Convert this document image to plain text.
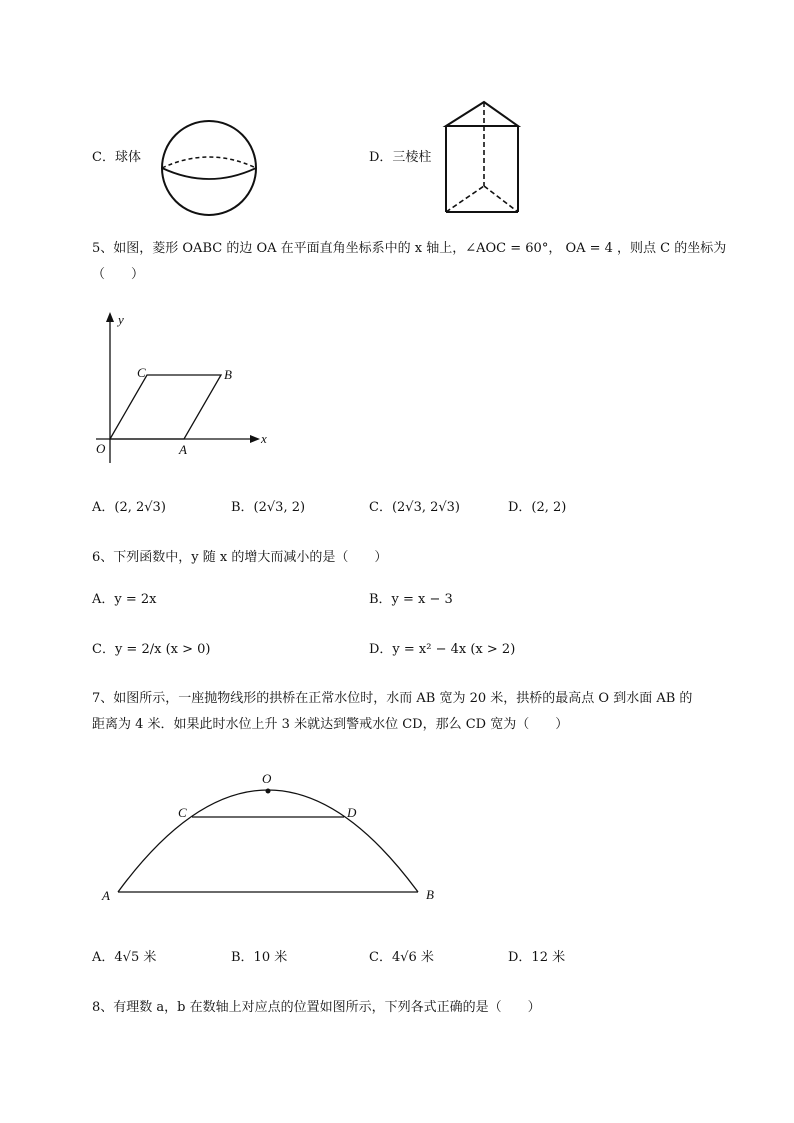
C．球体	D．三棱柱
5、如图，菱形 OABC 的边 OA 在平面直角坐标系中的 x 轴上，∠AOC = 60°， OA = 4 ，则点 C 的坐标为
（　　）
y
x
O	A
B
C
A．(2, 2√3)	B．(2√3, 2)	C．(2√3, 2√3)	D．(2, 2)
6、下列函数中，y 随 x 的增大而减小的是（　　）
A．y = 2x	B．y = x − 3
C．y = 2/x (x > 0)	D．y = x² − 4x (x > 2)
7、如图所示，一座抛物线形的拱桥在正常水位时，水而 AB 宽为 20 米，拱桥的最高点 O 到水面 AB 的
距离为 4 米．如果此时水位上升 3 米就达到警戒水位 CD，那么 CD 宽为（　　）
O
C	D
A	B
A．4√5 米	B．10 米	C．4√6 米	D．12 米
8、有理数 a，b 在数轴上对应点的位置如图所示，下列各式正确的是（　　）
